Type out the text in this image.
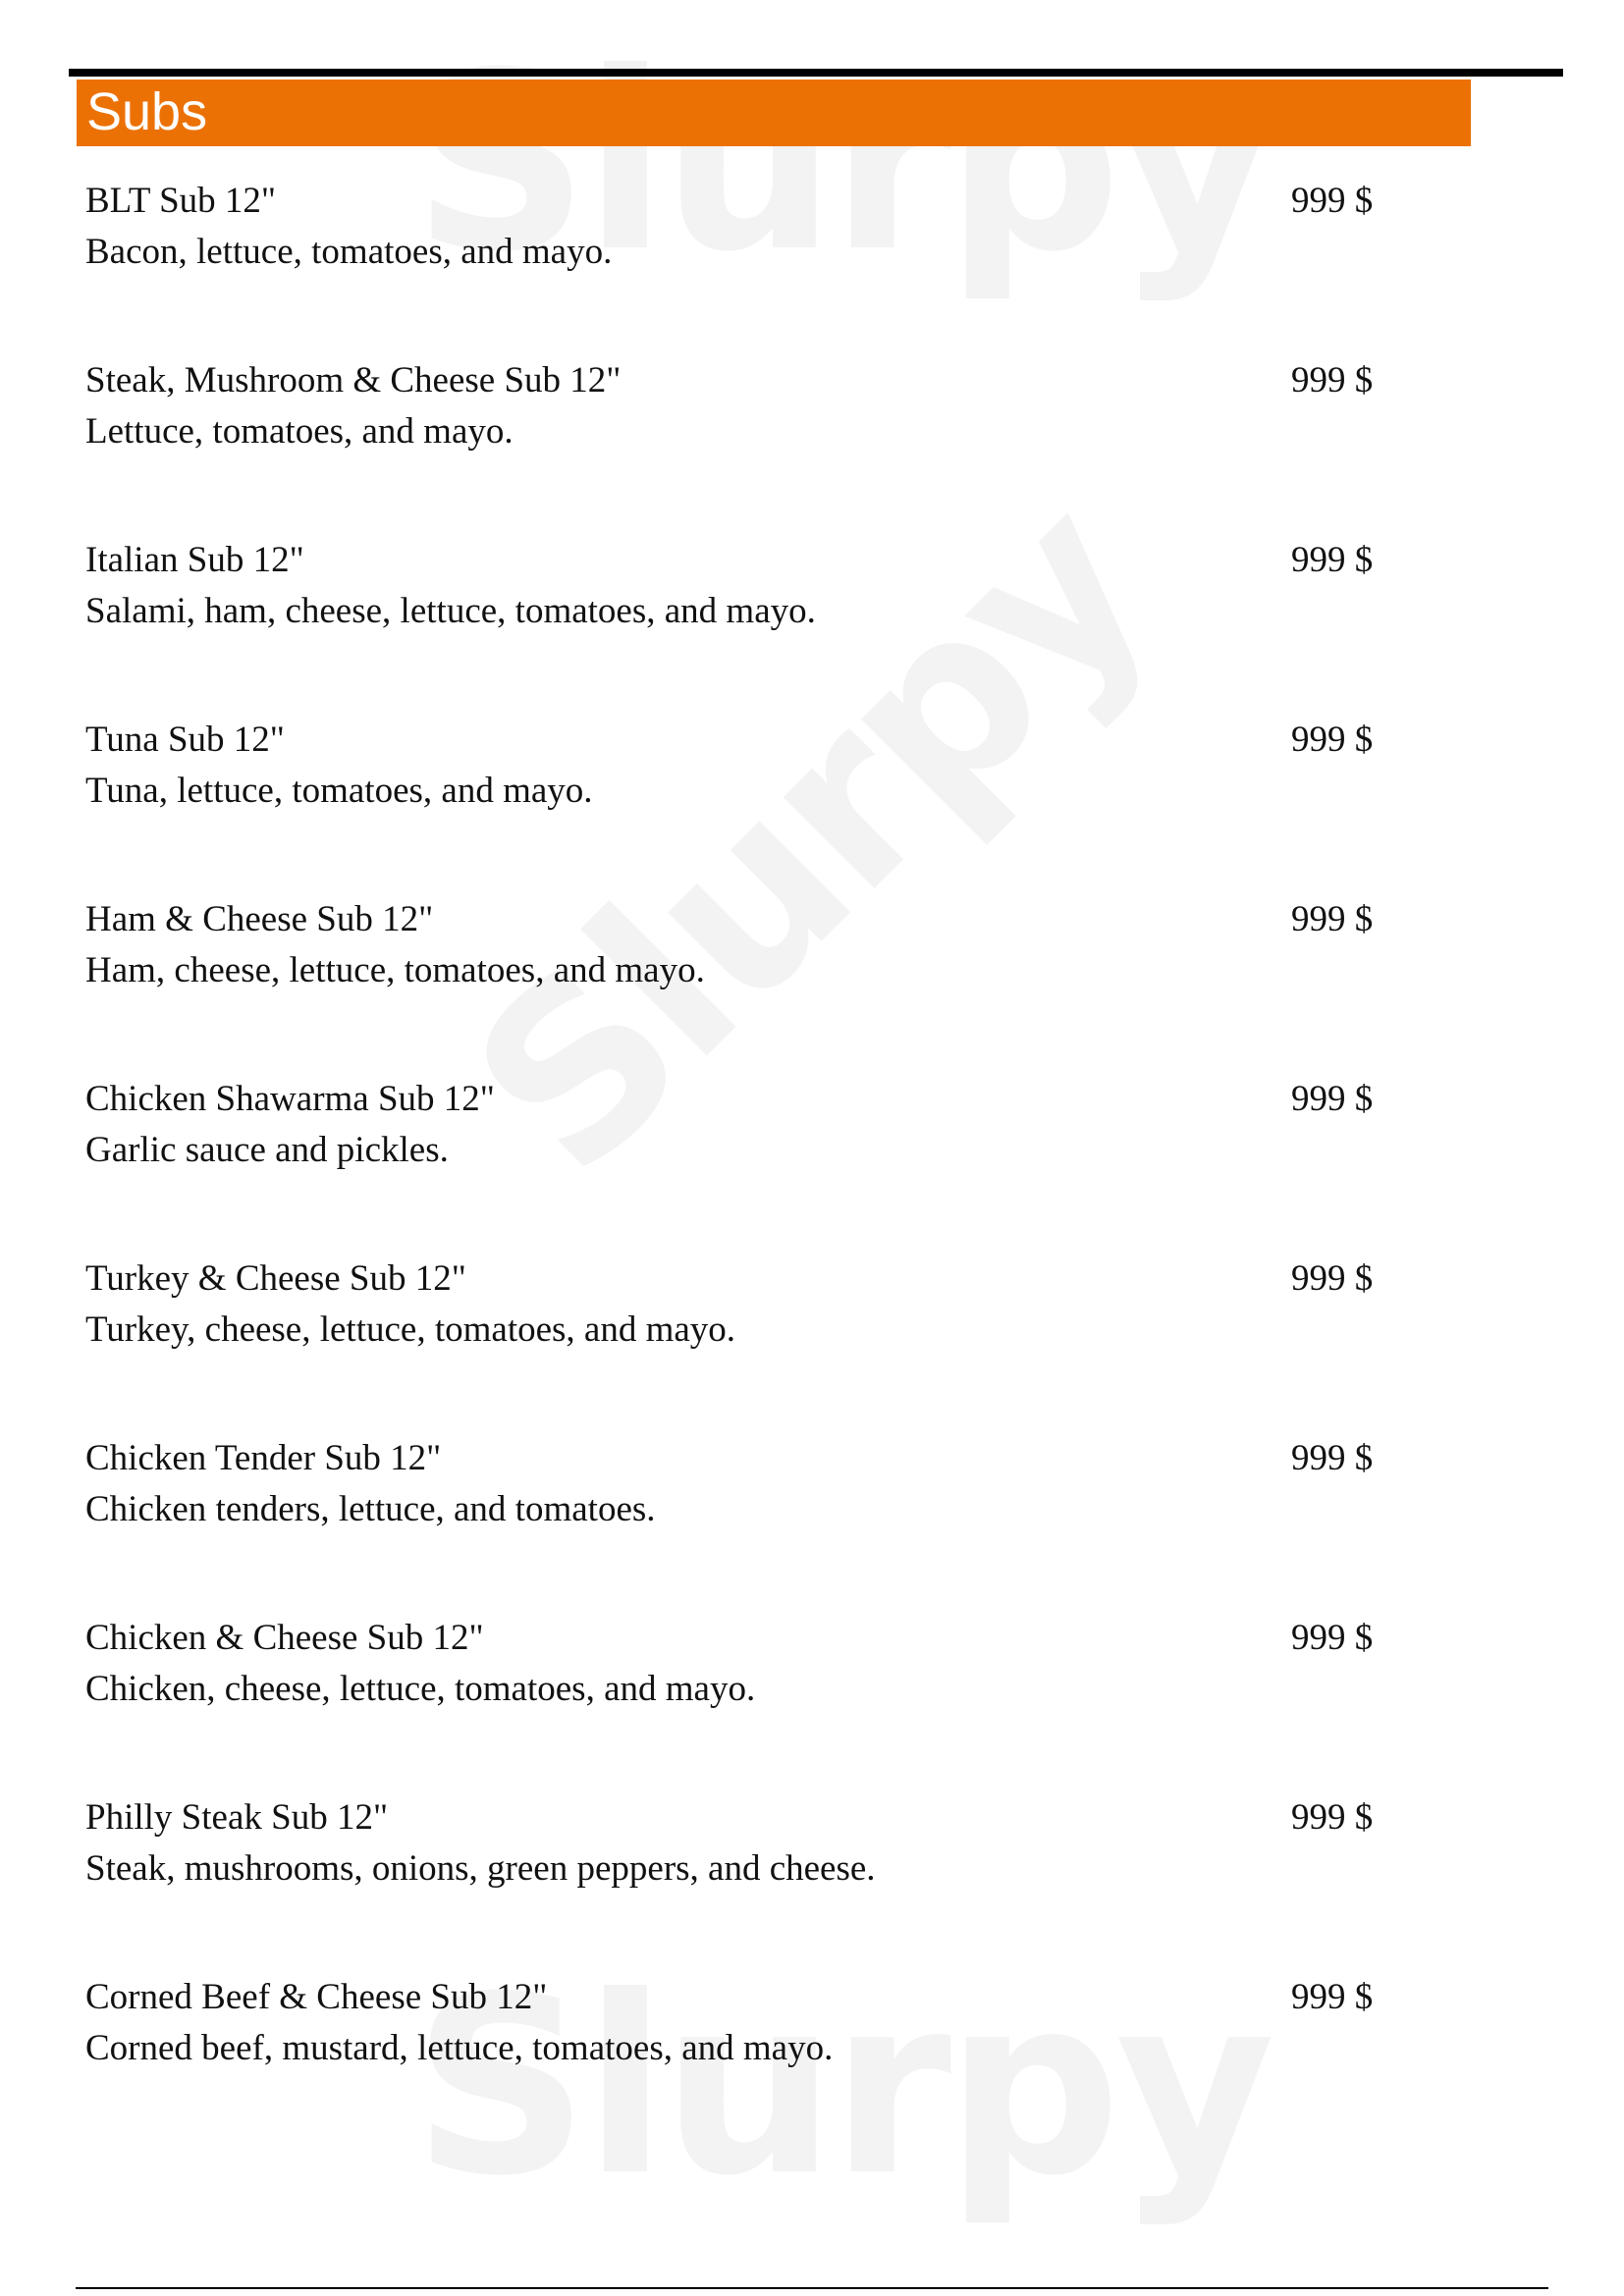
Subs
BLT Sub 12"
Bacon, lettuce, tomatoes, and mayo.
999 $
Steak, Mushroom & Cheese Sub 12"
Lettuce, tomatoes, and mayo.
999 $
Italian Sub 12"
Salami, ham, cheese, lettuce, tomatoes, and mayo.
999 $
Tuna Sub 12"
Tuna, lettuce, tomatoes, and mayo.
999 $
Ham & Cheese Sub 12"
Ham, cheese, lettuce, tomatoes, and mayo.
999 $
Chicken Shawarma Sub 12"
Garlic sauce and pickles.
999 $
Turkey & Cheese Sub 12"
Turkey, cheese, lettuce, tomatoes, and mayo.
999 $
Chicken Tender Sub 12"
Chicken tenders, lettuce, and tomatoes.
999 $
Chicken & Cheese Sub 12"
Chicken, cheese, lettuce, tomatoes, and mayo.
999 $
Philly Steak Sub 12"
Steak, mushrooms, onions, green peppers, and cheese.
999 $
Corned Beef & Cheese Sub 12"
Corned beef, mustard, lettuce, tomatoes, and mayo.
999 $
